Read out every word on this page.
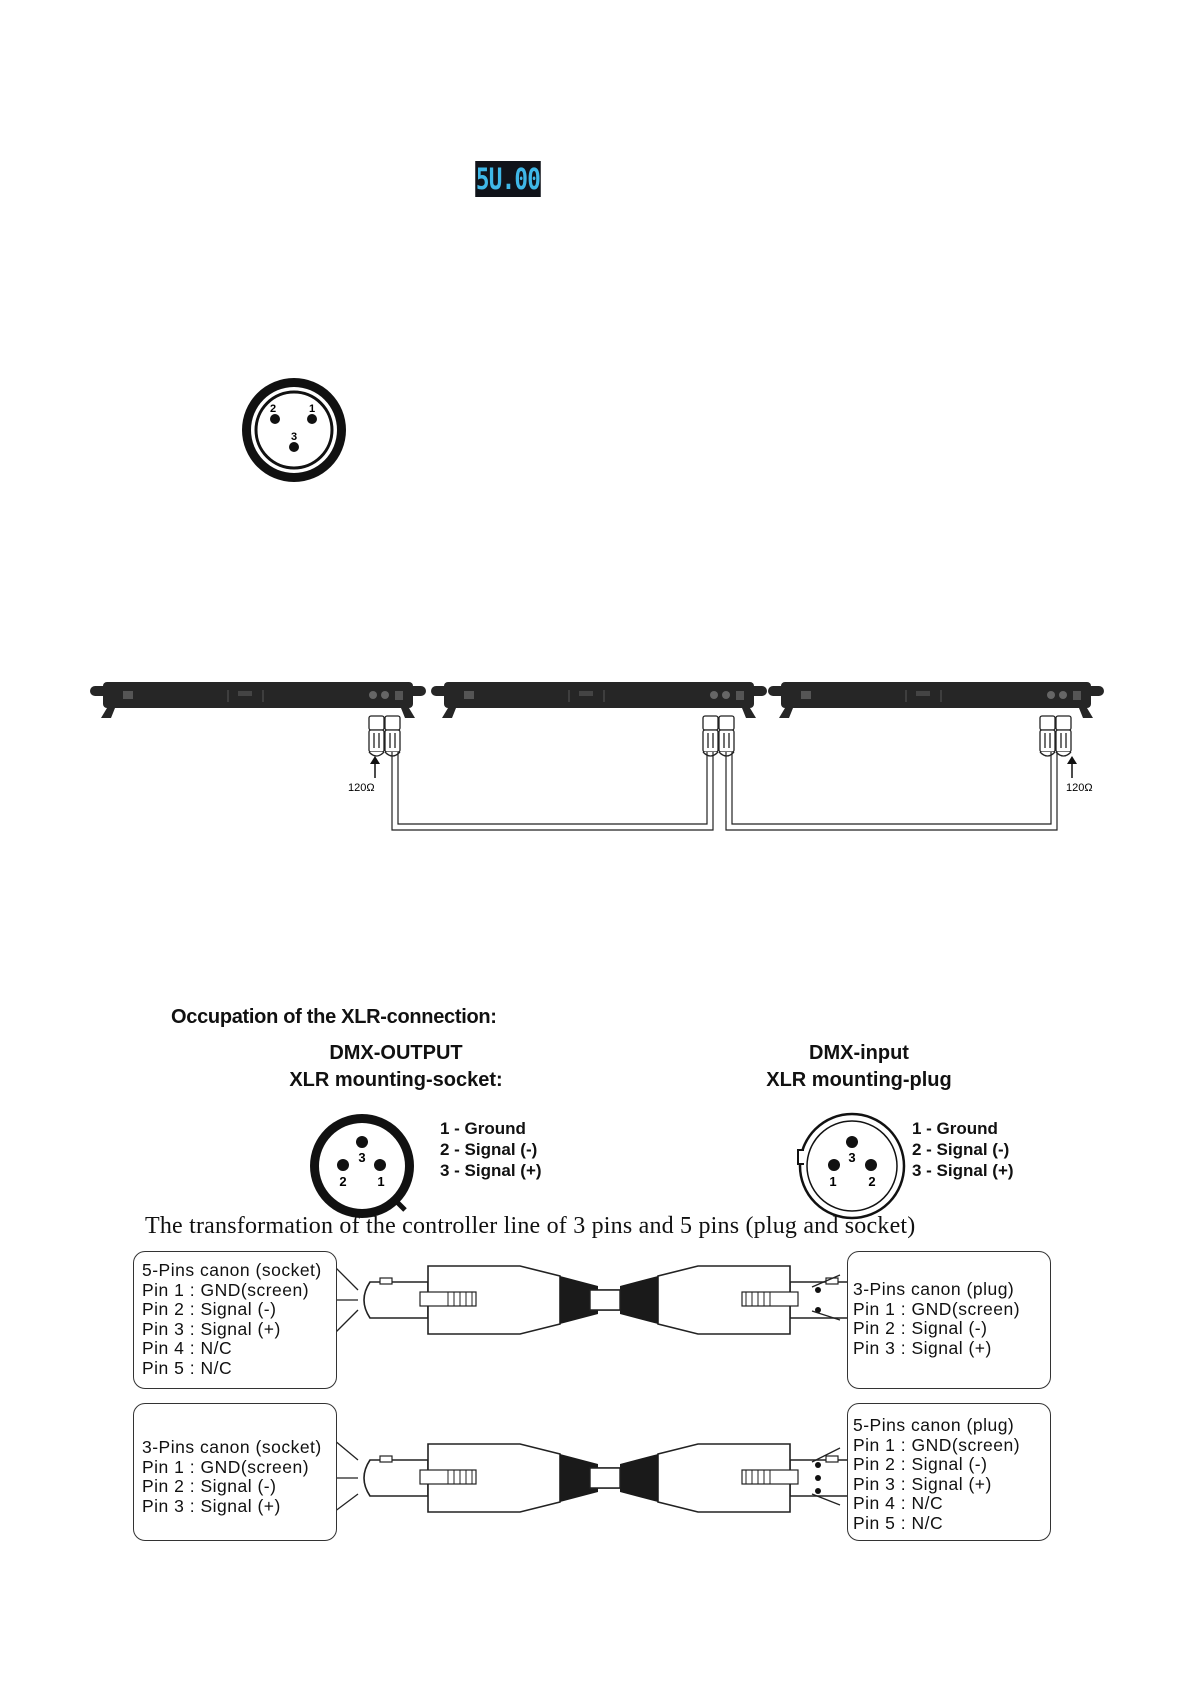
5U.00
2	1
3
120Ω	120Ω
3
2 1
3
1 2
Occupation of the XLR-connection:
DMX-OUTPUT
XLR mounting-socket:
DMX-input
XLR mounting-plug
1 - Ground
2 - Signal (-)
3 - Signal (+)
1 - Ground
2 - Signal (-)
3 - Signal (+)
The transformation of the controller line of 3 pins and 5 pins (plug and socket)
5-Pins canon (socket)
Pin 1 : GND(screen)
Pin 2 : Signal (-)
Pin 3 : Signal (+)
Pin 4 : N/C
Pin 5 : N/C
3-Pins canon (plug)
Pin 1 : GND(screen)
Pin 2 : Signal (-)
Pin 3 : Signal (+)
3-Pins canon (socket)
Pin 1 : GND(screen)
Pin 2 : Signal (-)
Pin 3 : Signal (+)
5-Pins canon (plug)
Pin 1 : GND(screen)
Pin 2 : Signal (-)
Pin 3 : Signal (+)
Pin 4 : N/C
Pin 5 : N/C
